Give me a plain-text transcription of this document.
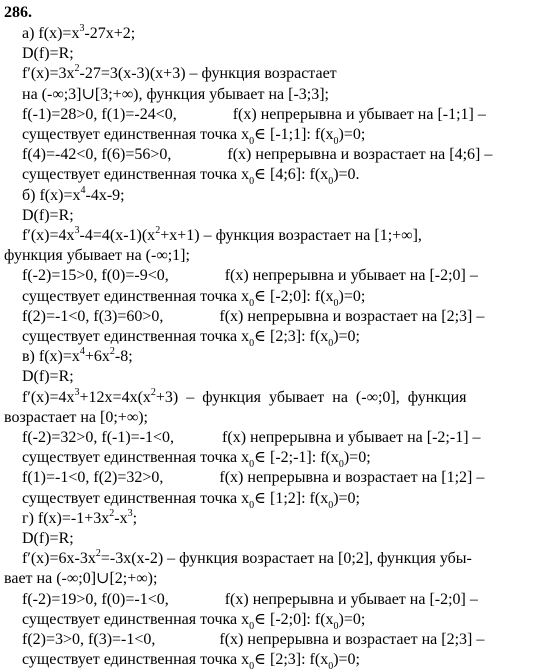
286.
а) $f(x)=x^3-27x+2$;
D(f)=R;
$f'(x)=3x^2-27=3(x-3)(x+3)$ – функция возрастает
на (-∞;3]∪[3;+∞), функция убывает на [-3;3];
f(-1)=28>0, f(1)=-24<0,              f(x) непрерывна и убывает на [-1;1] –
существует единственная точка $x_0\in$ [-1;1]: $f(x_0)=0$;
f(4)=-42<0, f(6)=56>0,              f(x) непрерывна и возрастает на [4;6] –
существует единственная точка $x_0\in$ [4;6]: $f(x_0)=0$.
б) $f(x)=x^4-4x-9$;
D(f)=R;
$f'(x)=4x^3-4=4(x-1)(x^2+x+1)$ – функция возрастает на [1;+∞],
функция убывает на (-∞;1];
f(-2)=15>0, f(0)=-9<0,              f(x) непрерывна и убывает на [-2;0] –
существует единственная точка $x_0\in$ [-2;0]: $f(x_0)=0$;
f(2)=-1<0, f(3)=60>0,              f(x) непрерывна и возрастает на [2;3] –
существует единственная точка $x_0\in$ [2;3]: $f(x_0)=0$;
в) $f(x)=x^4+6x^2-8$;
D(f)=R;
$f'(x)=4x^3+12x=4x(x^2+3)$  –  функция  убывает  на  (-∞;0],  функция
возрастает на [0;+∞);
f(-2)=32>0, f(-1)=-1<0,            f(x) непрерывна и убывает на [-2;-1] –
существует единственная точка $x_0\in$ [-2;-1]: $f(x_0)=0$;
f(1)=-1<0, f(2)=32>0,              f(x) непрерывна и возрастает на [1;2] –
существует единственная точка $x_0\in$ [1;2]: $f(x_0)=0$;
г) $f(x)=-1+3x^2-x^3$;
D(f)=R;
$f'(x)=6x-3x^2=-3x(x-2)$ – функция возрастает на [0;2], функция убы-
вает на (-∞;0]∪[2;+∞);
f(-2)=19>0, f(0)=-1<0,              f(x) непрерывна и убывает на [-2;0] –
существует единственная точка $x_0\in$ [-2;0]: $f(x_0)=0$;
f(2)=3>0, f(3)=-1<0,                f(x) непрерывна и возрастает на [2;3] –
существует единственная точка $x_0\in$ [2;3]: $f(x_0)=0$;
